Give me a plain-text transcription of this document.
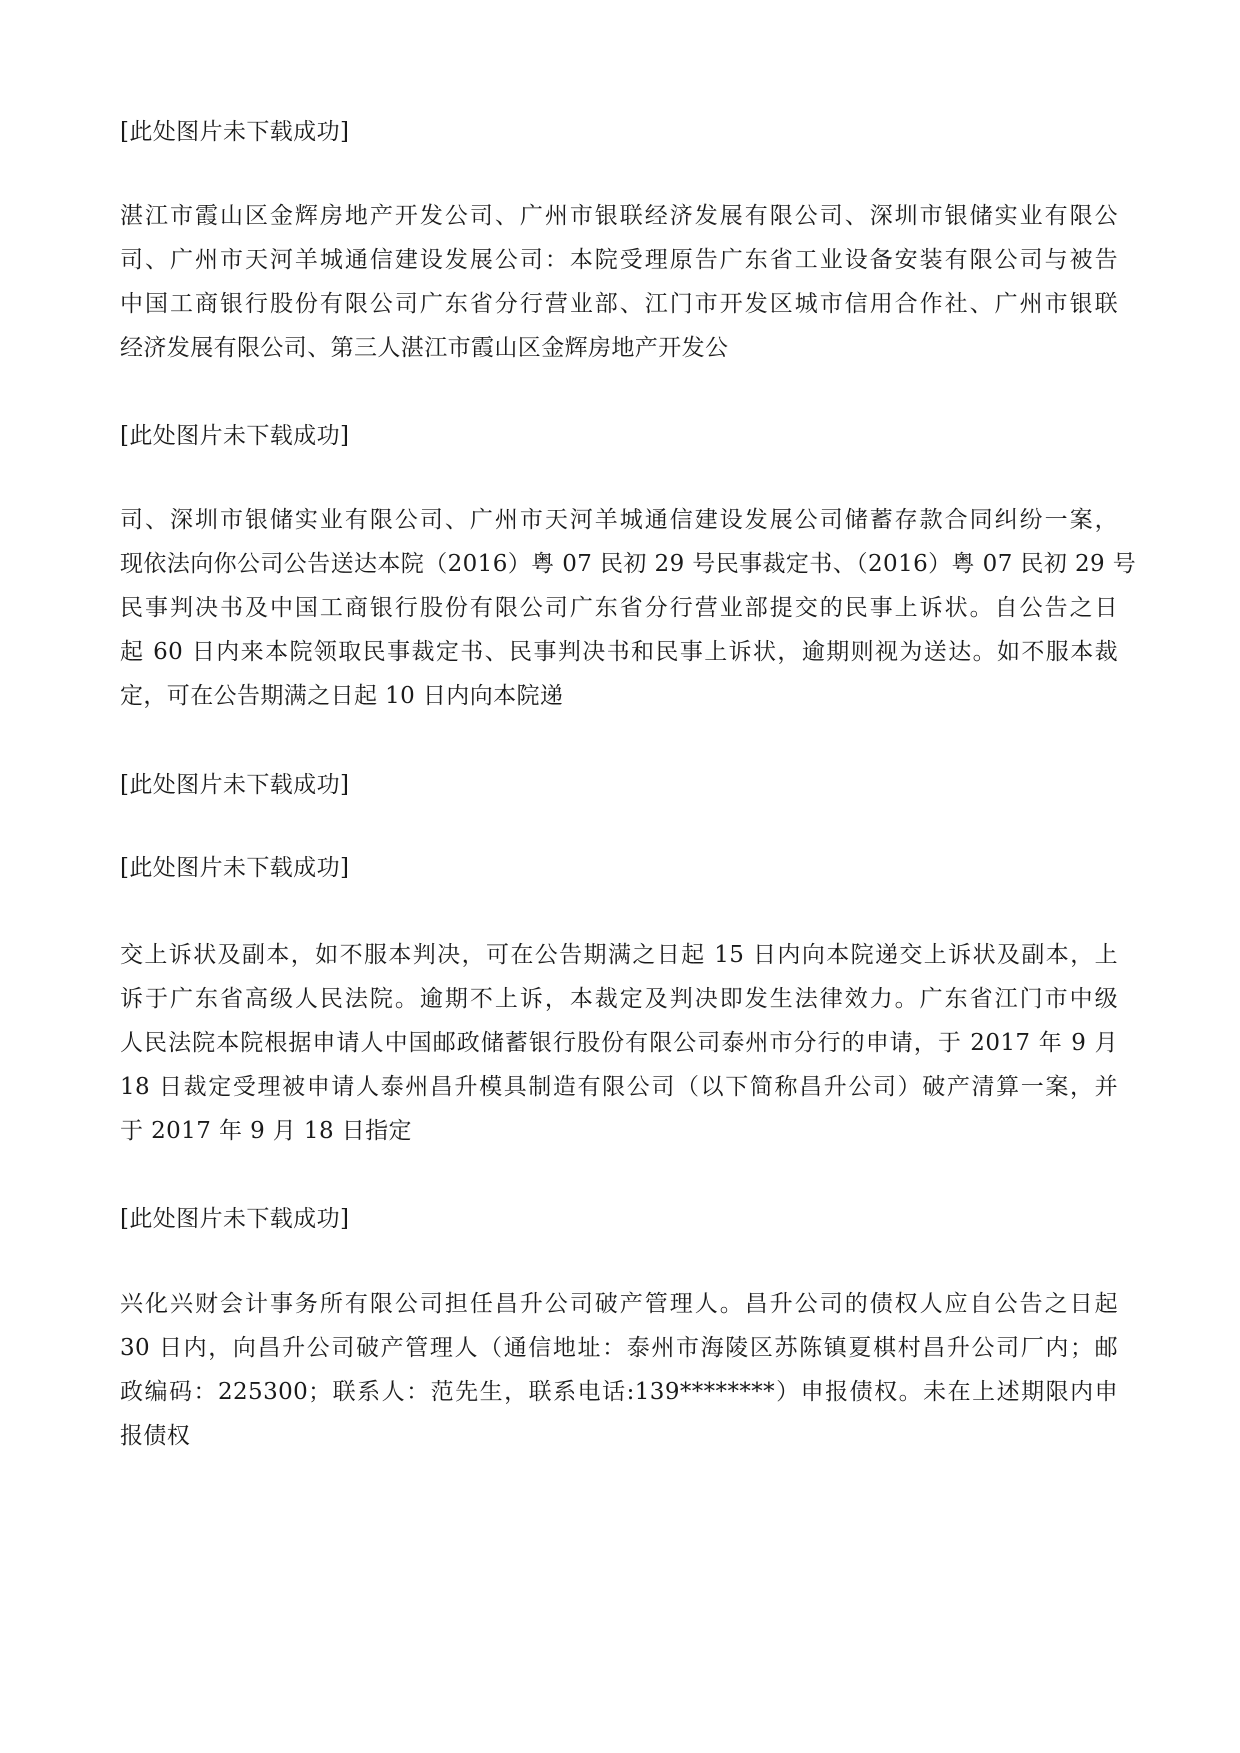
[此处图片未下载成功]

湛江市霞山区金辉房地产开发公司、广州市银联经济发展有限公司、深圳市银储实业有限公
司、广州市天河羊城通信建设发展公司：本院受理原告广东省工业设备安装有限公司与被告
中国工商银行股份有限公司广东省分行营业部、江门市开发区城市信用合作社、广州市银联
经济发展有限公司、第三人湛江市霞山区金辉房地产开发公

[此处图片未下载成功]

司、深圳市银储实业有限公司、广州市天河羊城通信建设发展公司储蓄存款合同纠纷一案，
现依法向你公司公告送达本院（2016）粤 07 民初 29 号民事裁定书、（2016）粤 07 民初 29 号
民事判决书及中国工商银行股份有限公司广东省分行营业部提交的民事上诉状。自公告之日
起 60 日内来本院领取民事裁定书、民事判决书和民事上诉状，逾期则视为送达。如不服本裁
定，可在公告期满之日起 10 日内向本院递

[此处图片未下载成功]

[此处图片未下载成功]

交上诉状及副本，如不服本判决，可在公告期满之日起 15 日内向本院递交上诉状及副本，上
诉于广东省高级人民法院。逾期不上诉，本裁定及判决即发生法律效力。广东省江门市中级
人民法院本院根据申请人中国邮政储蓄银行股份有限公司泰州市分行的申请，于 2017 年 9 月
18 日裁定受理被申请人泰州昌升模具制造有限公司（以下简称昌升公司）破产清算一案，并
于 2017 年 9 月 18 日指定

[此处图片未下载成功]

兴化兴财会计事务所有限公司担任昌升公司破产管理人。昌升公司的债权人应自公告之日起
30 日内，向昌升公司破产管理人（通信地址：泰州市海陵区苏陈镇夏棋村昌升公司厂内；邮
政编码：225300；联系人：范先生，联系电话:139********）申报债权。未在上述期限内申
报债权
